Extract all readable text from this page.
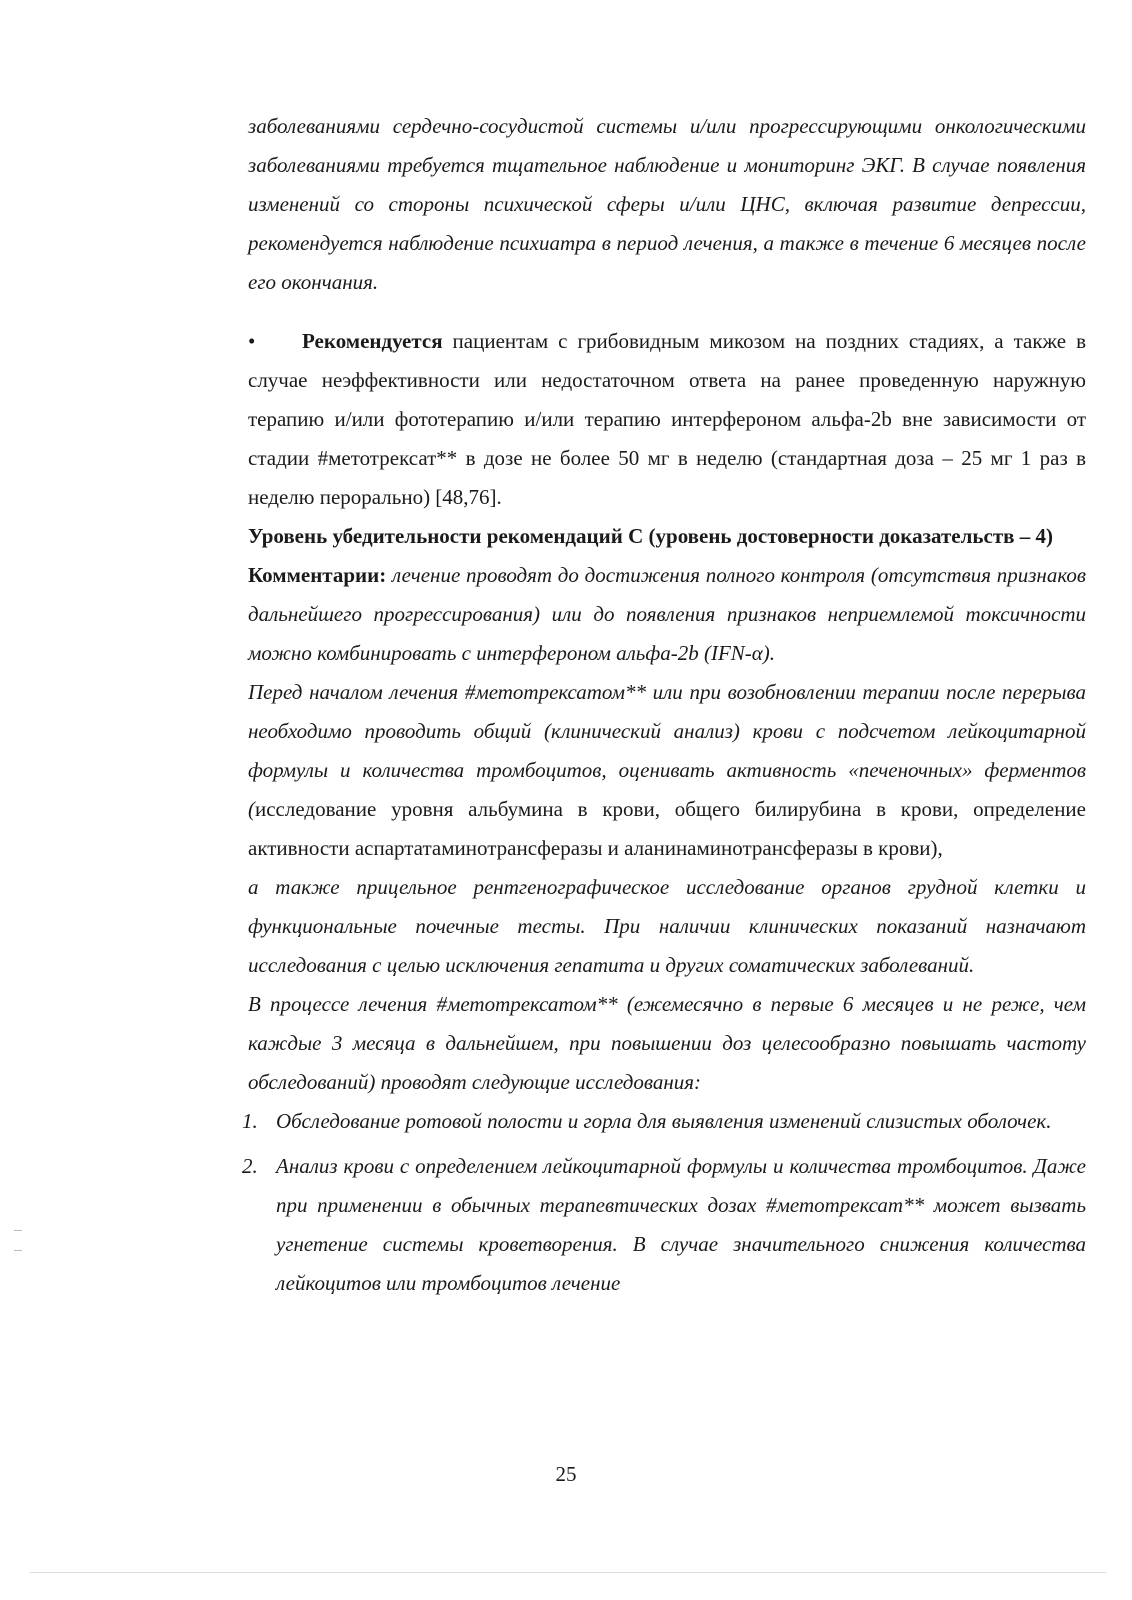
заболеваниями сердечно-сосудистой системы и/или прогрессирующими онкологическими заболеваниями требуется тщательное наблюдение и мониторинг ЭКГ. В случае появления изменений со стороны психической сферы и/или ЦНС, включая развитие депрессии, рекомендуется наблюдение психиатра в период лечения, а также в течение 6 месяцев после его окончания.

• Рекомендуется пациентам с грибовидным микозом на поздних стадиях, а также в случае неэффективности или недостаточном ответа на ранее проведенную наружную терапию и/или фототерапию и/или терапию интерфероном альфа-2b вне зависимости от стадии #метотрексат** в дозе не более 50 мг в неделю (стандартная доза – 25 мг 1 раз в неделю перорально) [48,76].

Уровень убедительности рекомендаций C (уровень достоверности доказательств – 4)

Комментарии: лечение проводят до достижения полного контроля (отсутствия признаков дальнейшего прогрессирования) или до появления признаков неприемлемой токсичности можно комбинировать с интерфероном альфа-2b (IFN-α).

Перед началом лечения #метотрексатом** или при возобновлении терапии после перерыва необходимо проводить общий (клинический анализ) крови с подсчетом лейкоцитарной формулы и количества тромбоцитов, оценивать активность «печеночных» ферментов (исследование уровня альбумина в крови, общего билирубина в крови, определение активности аспартатаминотрансферазы и аланинаминотрансферазы в крови),

а также прицельное рентгенографическое исследование органов грудной клетки и функциональные почечные тесты. При наличии клинических показаний назначают исследования с целью исключения гепатита и других соматических заболеваний.

В процессе лечения #метотрексатом** (ежемесячно в первые 6 месяцев и не реже, чем каждые 3 месяца в дальнейшем, при повышении доз целесообразно повышать частоту обследований) проводят следующие исследования:

1. Обследование ротовой полости и горла для выявления изменений слизистых оболочек.
2. Анализ крови с определением лейкоцитарной формулы и количества тромбоцитов. Даже при применении в обычных терапевтических дозах #метотрексат** может вызвать угнетение системы кроветворения. В случае значительного снижения количества лейкоцитов или тромбоцитов лечение
25
